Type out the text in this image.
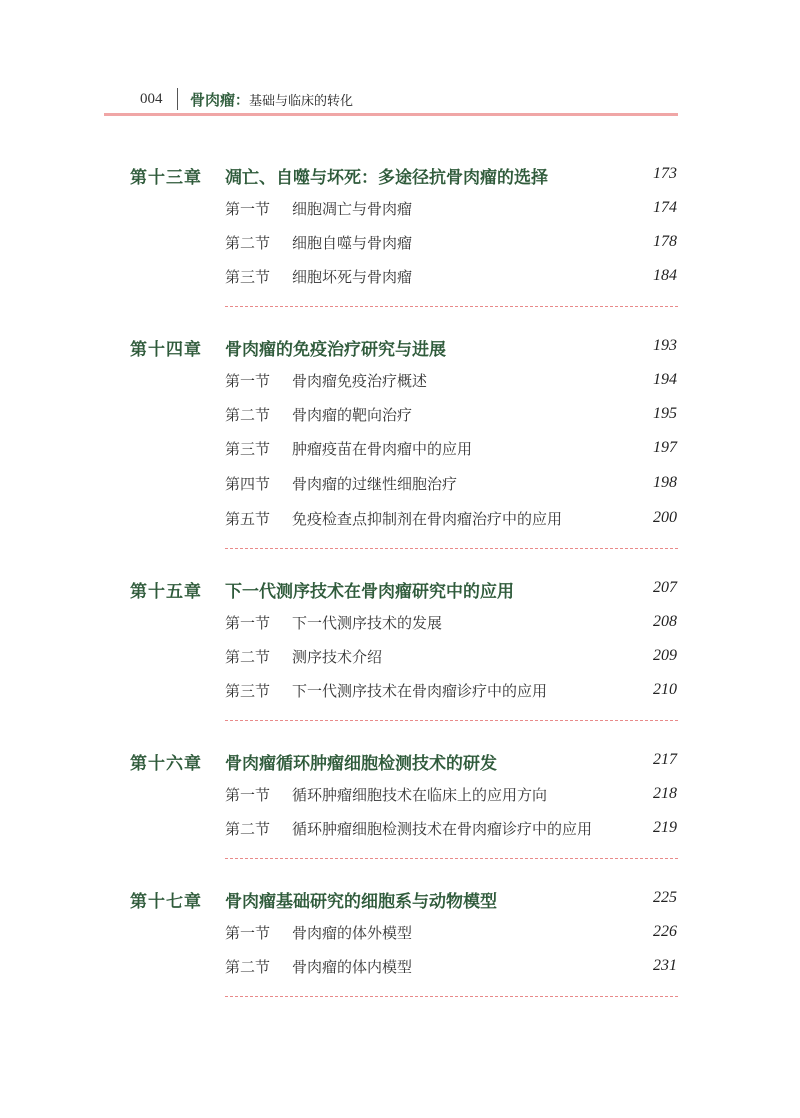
004 骨肉瘤：基础与临床的转化
第十三章 凋亡、自噬与坏死：多途径抗骨肉瘤的选择	173
第一节 细胞凋亡与骨肉瘤	174
第二节 细胞自噬与骨肉瘤	178
第三节 细胞坏死与骨肉瘤	184
第十四章 骨肉瘤的免疫治疗研究与进展	193
第一节 骨肉瘤免疫治疗概述	194
第二节 骨肉瘤的靶向治疗	195
第三节 肿瘤疫苗在骨肉瘤中的应用	197
第四节 骨肉瘤的过继性细胞治疗	198
第五节 免疫检查点抑制剂在骨肉瘤治疗中的应用	200
第十五章 下一代测序技术在骨肉瘤研究中的应用	207
第一节 下一代测序技术的发展	208
第二节 测序技术介绍	209
第三节 下一代测序技术在骨肉瘤诊疗中的应用	210
第十六章 骨肉瘤循环肿瘤细胞检测技术的研发	217
第一节 循环肿瘤细胞技术在临床上的应用方向	218
第二节 循环肿瘤细胞检测技术在骨肉瘤诊疗中的应用	219
第十七章 骨肉瘤基础研究的细胞系与动物模型	225
第一节 骨肉瘤的体外模型	226
第二节 骨肉瘤的体内模型	231
